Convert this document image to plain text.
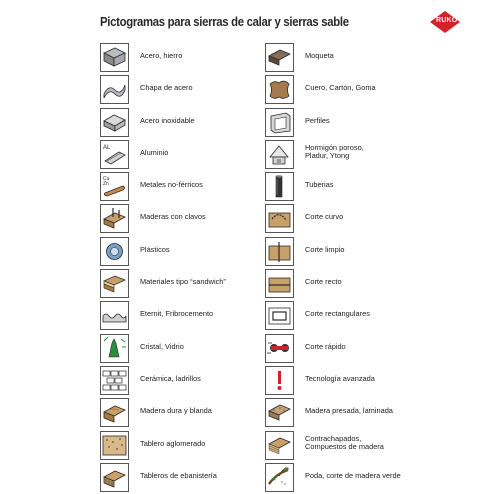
Pictogramas para sierras de calar y sierras sable	RUKO
Acero, hierro
Chapa de acero
Acero inoxidable
AL	Aluminio
Cu
Zn	Metales no-férricos
Maderas con clavos
Plásticos
Materiales tipo “sandwich”
Eternit, Fribrocemento
Cristal, Vidrio
Cerámica, ladrillos
Madera dura y blanda
Tablero aglomerado
Tableros de ebanistería
Moqueta
Cuero, Cartón, Goma
Perfiles
Hormigón poroso,
Pladur, Ytong
Tuberias
Corte curvo
Corte limpio
Corte recto
Corte rectangulares
Corte rápido
Tecnología avanzada
Madera presada, laminada
Contrachapados,
Compuestos de madera
Poda, corte de madera verde
